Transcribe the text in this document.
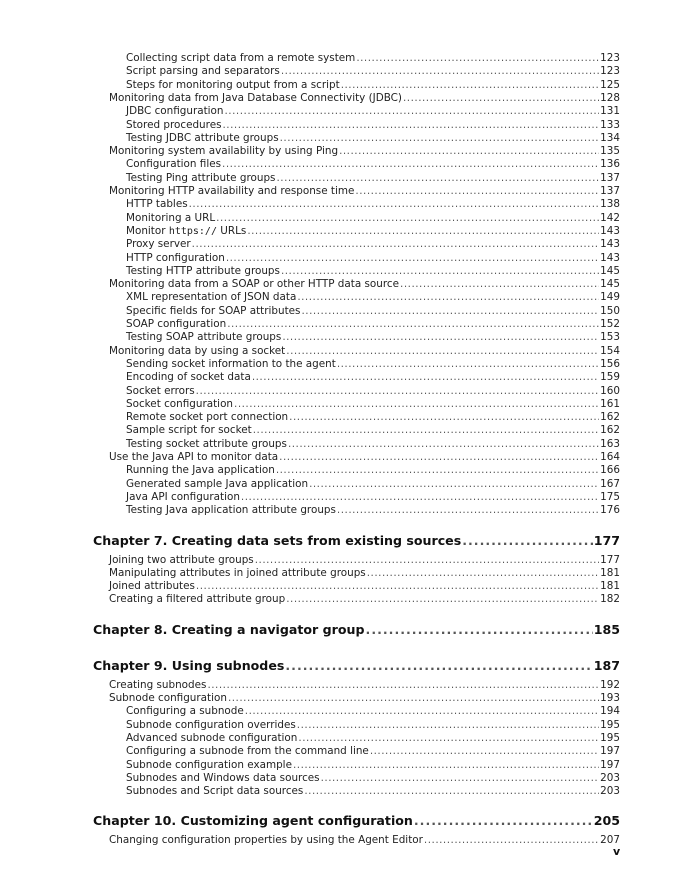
Collecting script data from a remote system .....	123
Script parsing and separators .....	123
Steps for monitoring output from a script .....	125
Monitoring data from Java Database Connectivity (JDBC) .....	128
JDBC configuration .....	131
Stored procedures .....	133
Testing JDBC attribute groups .....	134
Monitoring system availability by using Ping .....	135
Configuration files .....	136
Testing Ping attribute groups .....	137
Monitoring HTTP availability and response time .....	137
HTTP tables .....	138
Monitoring a URL .....	142
Monitor https:// URLs .....	143
Proxy server .....	143
HTTP configuration .....	143
Testing HTTP attribute groups .....	145
Monitoring data from a SOAP or other HTTP data source .....	145
XML representation of JSON data .....	149
Specific fields for SOAP attributes .....	150
SOAP configuration .....	152
Testing SOAP attribute groups .....	153
Monitoring data by using a socket .....	154
Sending socket information to the agent .....	156
Encoding of socket data .....	159
Socket errors .....	160
Socket configuration .....	161
Remote socket port connection .....	162
Sample script for socket .....	162
Testing socket attribute groups .....	163
Use the Java API to monitor data .....	164
Running the Java application .....	166
Generated sample Java application .....	167
Java API configuration .....	175
Testing Java application attribute groups .....	176
Chapter 7. Creating data sets from existing sources .....	177
Joining two attribute groups .....	177
Manipulating attributes in joined attribute groups .....	181
Joined attributes .....	181
Creating a filtered attribute group .....	182
Chapter 8. Creating a navigator group .....	185
Chapter 9. Using subnodes .....	187
Creating subnodes .....	192
Subnode configuration .....	193
Configuring a subnode .....	194
Subnode configuration overrides .....	195
Advanced subnode configuration .....	195
Configuring a subnode from the command line .....	197
Subnode configuration example .....	197
Subnodes and Windows data sources .....	203
Subnodes and Script data sources .....	203
Chapter 10. Customizing agent configuration .....	205
Changing configuration properties by using the Agent Editor .....	207
v
